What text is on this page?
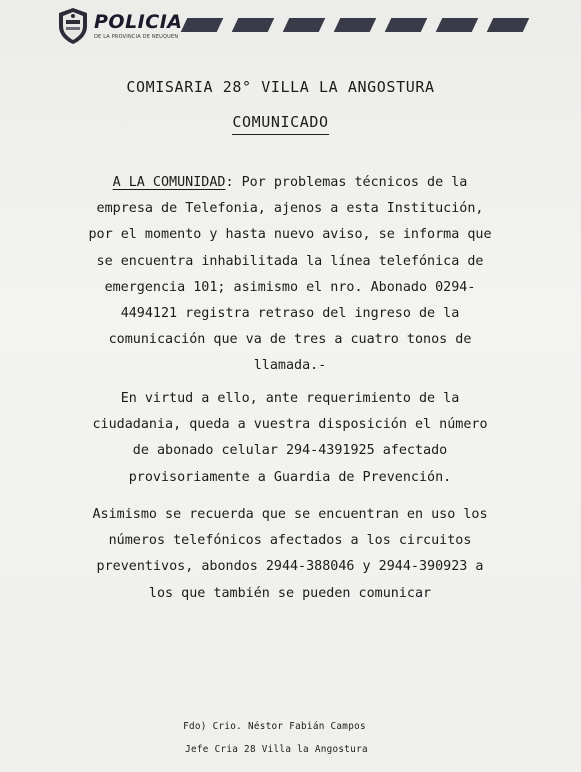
POLICIA
DE LA PROVINCIA DE NEUQUEN
COMISARIA 28° VILLA LA ANGOSTURA
COMUNICADO
A LA COMUNIDAD: Por problemas técnicos de la
empresa de Telefonia, ajenos a esta Institución,
por el momento y hasta nuevo aviso, se informa que
se encuentra inhabilitada la línea telefónica de
emergencia 101; asimismo el nro. Abonado 0294-
4494121 registra retraso del ingreso de la
comunicación que va de tres a cuatro tonos de
llamada.-
En virtud a ello, ante requerimiento de la
ciudadania, queda a vuestra disposición el número
de abonado celular 294-4391925 afectado
provisoriamente a Guardia de Prevención.
Asimismo se recuerda que se encuentran en uso los
números telefónicos afectados a los circuitos
preventivos, abondos 2944-388046 y 2944-390923 a
los que también se pueden comunicar
Fdo) Crio. Néstor Fabián Campos
Jefe Cria 28 Villa la Angostura
